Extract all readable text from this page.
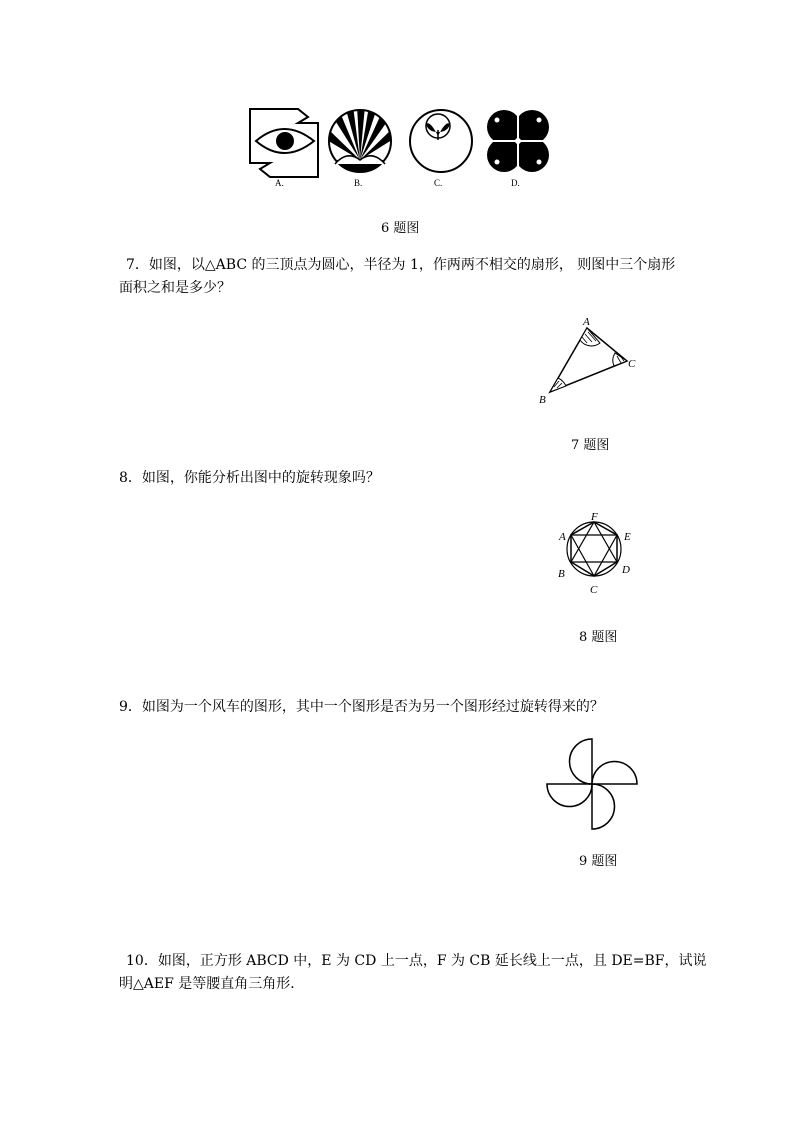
A.	B.	C.	D.
6 题图
7．如图，以△ABC 的三顶点为圆心，半径为 1，作两两不相交的扇形， 则图中三个扇形
面积之和是多少？
A
B
C
7 题图
8．如图，你能分析出图中的旋转现象吗？
F
A	E
B	D
C
8 题图
9．如图为一个风车的图形，其中一个图形是否为另一个图形经过旋转得来的？
9 题图
10．如图，正方形 ABCD 中，E 为 CD 上一点，F 为 CB 延长线上一点，且 DE=BF，试说
明△AEF 是等腰直角三角形．
